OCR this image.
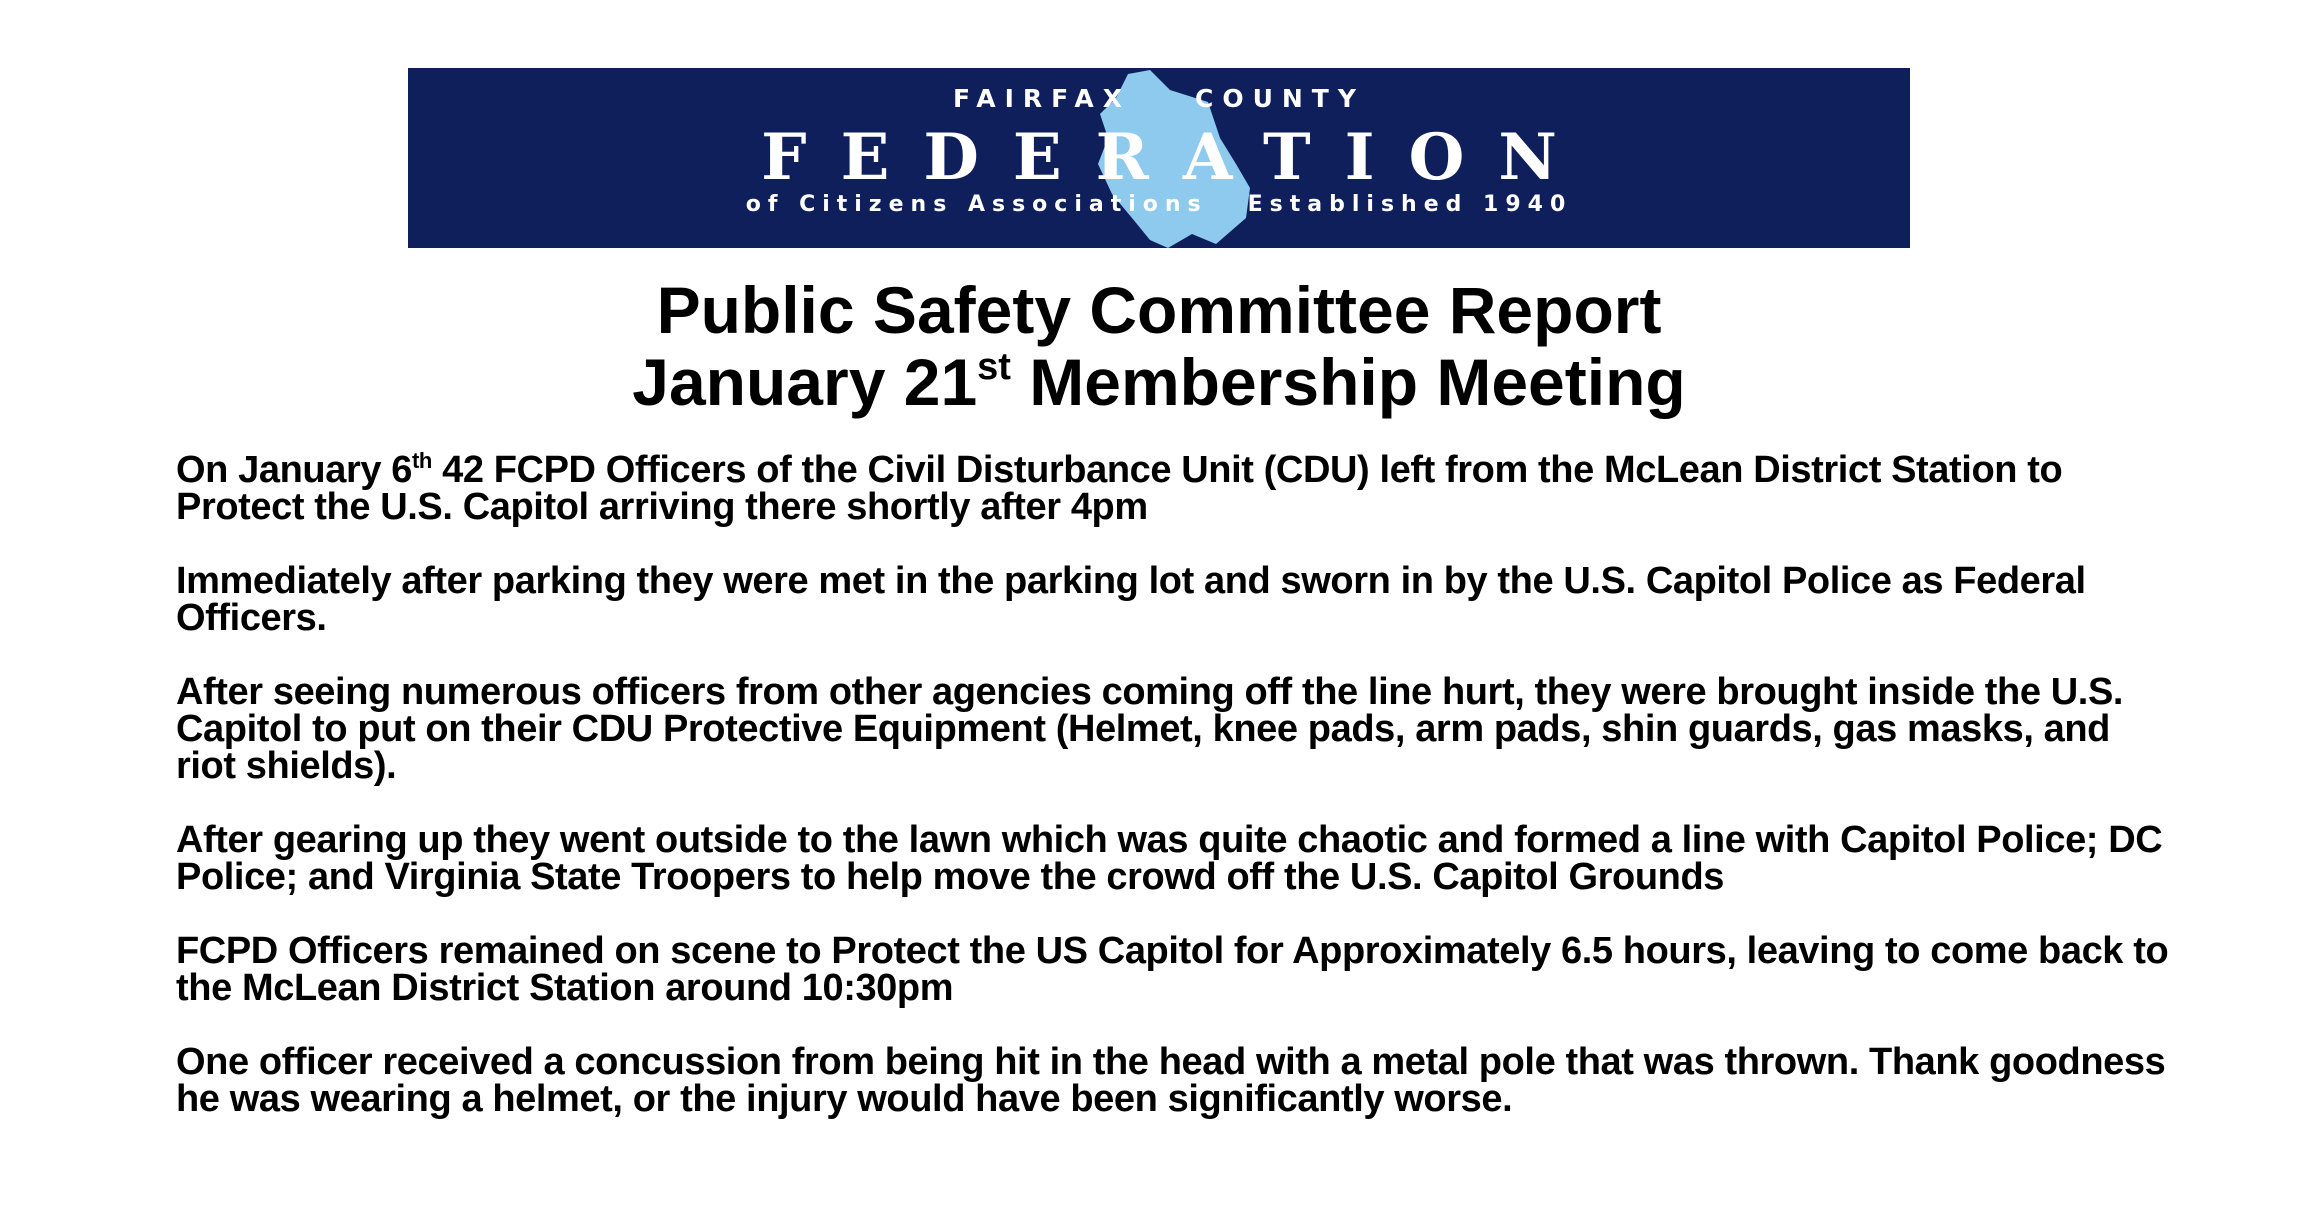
FAIRFAX	COUNTY
FEDERATION
of Citizens Associations Established 1940
Public Safety Committee Report
January 21st Membership Meeting

On January 6th 42 FCPD Officers of the Civil Disturbance Unit (CDU) left from the McLean District Station to Protect the U.S. Capitol arriving there shortly after 4pm

Immediately after parking they were met in the parking lot and sworn in by the U.S. Capitol Police as Federal Officers.

After seeing numerous officers from other agencies coming off the line hurt, they were brought inside the U.S. Capitol to put on their CDU Protective Equipment (Helmet, knee pads, arm pads, shin guards, gas masks, and riot shields).

After gearing up they went outside to the lawn which was quite chaotic and formed a line with Capitol Police; DC Police; and Virginia State Troopers to help move the crowd off the U.S. Capitol Grounds

FCPD Officers remained on scene to Protect the US Capitol for Approximately 6.5 hours, leaving to come back to the McLean District Station around 10:30pm

One officer received a concussion from being hit in the head with a metal pole that was thrown. Thank goodness he was wearing a helmet, or the injury would have been significantly worse.
